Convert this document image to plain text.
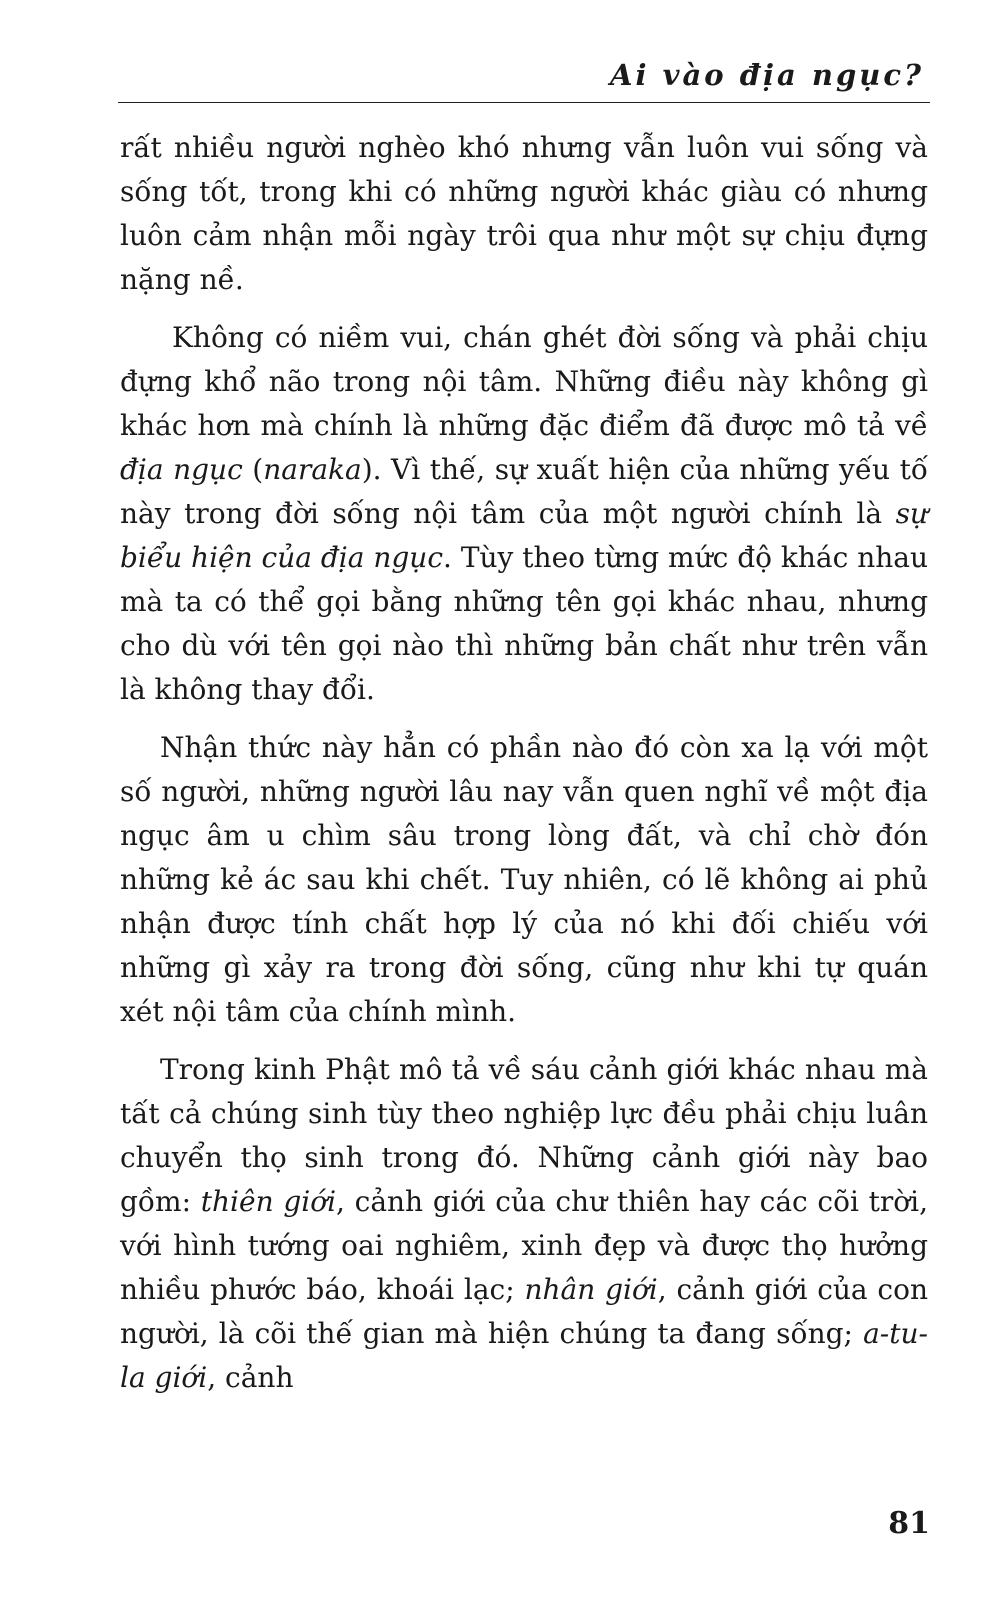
Ai vào địa ngục?

rất nhiều người nghèo khó nhưng vẫn luôn vui sống và sống tốt, trong khi có những người khác giàu có nhưng luôn cảm nhận mỗi ngày trôi qua như một sự chịu đựng nặng nề.

Không có niềm vui, chán ghét đời sống và phải chịu đựng khổ não trong nội tâm. Những điều này không gì khác hơn mà chính là những đặc điểm đã được mô tả về địa ngục (naraka). Vì thế, sự xuất hiện của những yếu tố này trong đời sống nội tâm của một người chính là sự biểu hiện của địa ngục. Tùy theo từng mức độ khác nhau mà ta có thể gọi bằng những tên gọi khác nhau, nhưng cho dù với tên gọi nào thì những bản chất như trên vẫn là không thay đổi.

Nhận thức này hẳn có phần nào đó còn xa lạ với một số người, những người lâu nay vẫn quen nghĩ về một địa ngục âm u chìm sâu trong lòng đất, và chỉ chờ đón những kẻ ác sau khi chết. Tuy nhiên, có lẽ không ai phủ nhận được tính chất hợp lý của nó khi đối chiếu với những gì xảy ra trong đời sống, cũng như khi tự quán xét nội tâm của chính mình.

Trong kinh Phật mô tả về sáu cảnh giới khác nhau mà tất cả chúng sinh tùy theo nghiệp lực đều phải chịu luân chuyển thọ sinh trong đó. Những cảnh giới này bao gồm: thiên giới, cảnh giới của chư thiên hay các cõi trời, với hình tướng oai nghiêm, xinh đẹp và được thọ hưởng nhiều phước báo, khoái lạc; nhân giới, cảnh giới của con người, là cõi thế gian mà hiện chúng ta đang sống; a-tu-la giới, cảnh

81
